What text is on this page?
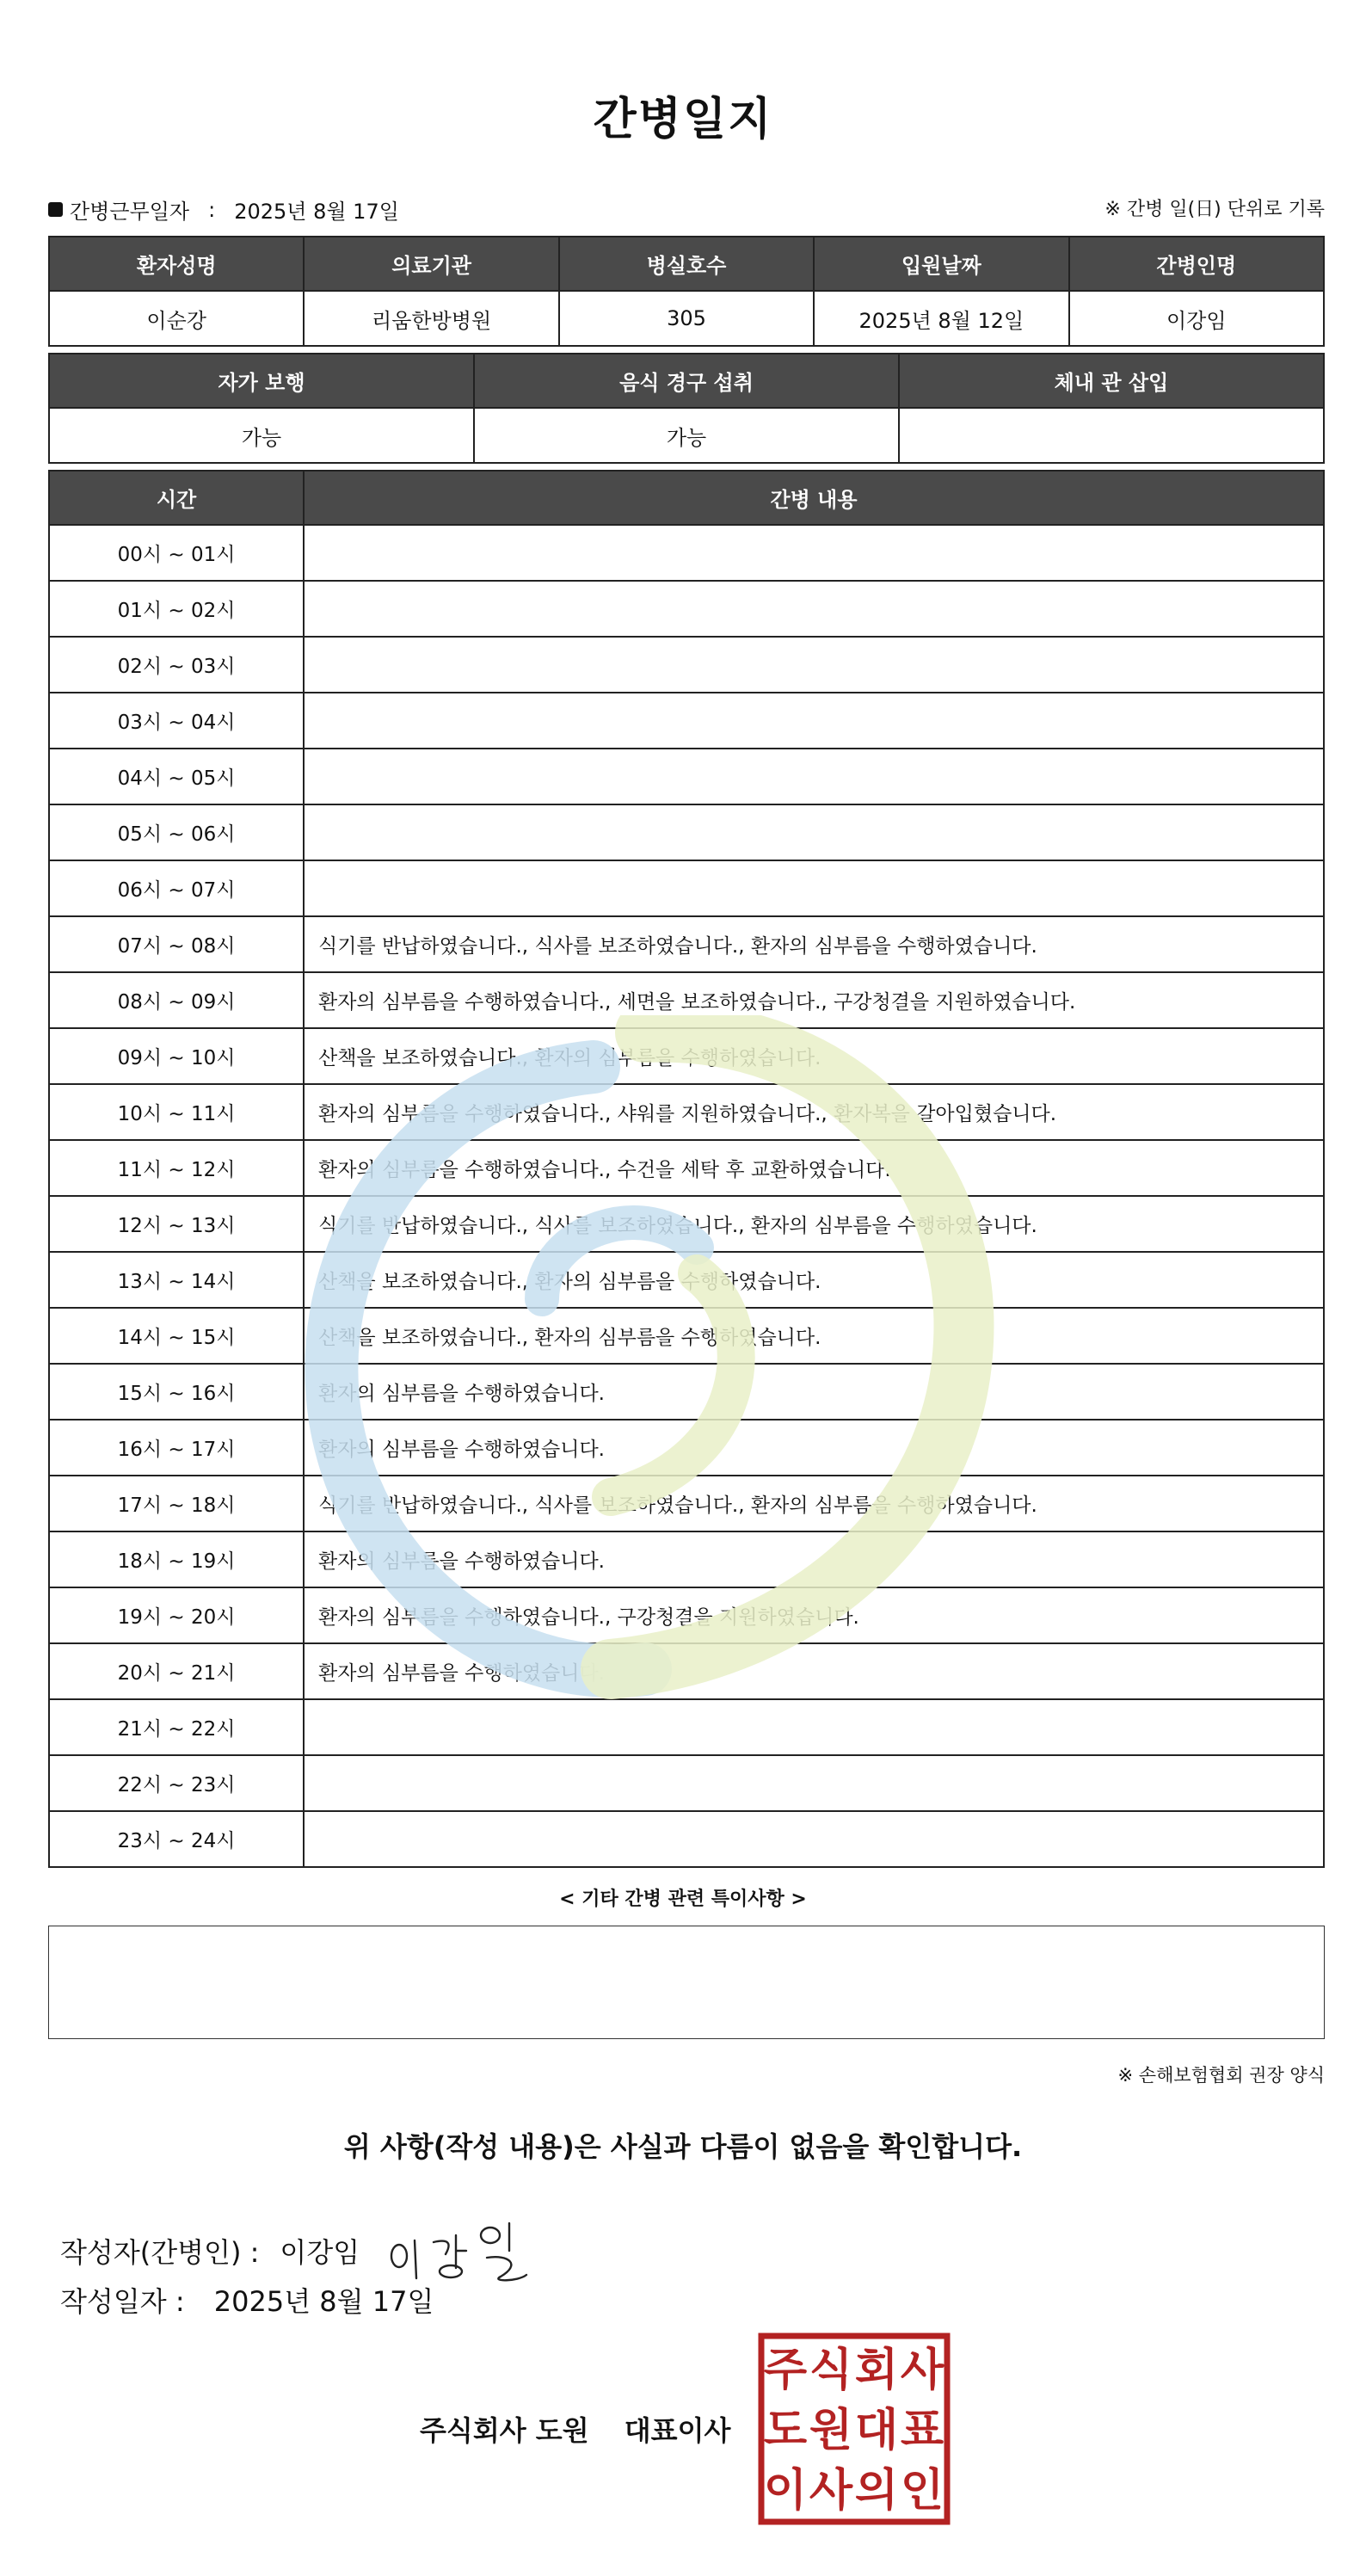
간병일지
간병근무일자 : 2025년 8월 17일	※ 간병 일(日) 단위로 기록
환자성명	의료기관	병실호수	입원날짜	간병인명
이순강	리움한방병원	305	2025년 8월 12일	이강임
자가 보행	음식 경구 섭취	체내 관 삽입
가능	가능	
시간	간병 내용
00시 ~ 01시	
01시 ~ 02시	
02시 ~ 03시	
03시 ~ 04시	
04시 ~ 05시	
05시 ~ 06시	
06시 ~ 07시	
07시 ~ 08시	식기를 반납하였습니다., 식사를 보조하였습니다., 환자의 심부름을 수행하였습니다.
08시 ~ 09시	환자의 심부름을 수행하였습니다., 세면을 보조하였습니다., 구강청결을 지원하였습니다.
09시 ~ 10시	산책을 보조하였습니다., 환자의 심부름을 수행하였습니다.
10시 ~ 11시	환자의 심부름을 수행하였습니다., 샤워를 지원하였습니다., 환자복을 갈아입혔습니다.
11시 ~ 12시	환자의 심부름을 수행하였습니다., 수건을 세탁 후 교환하였습니다.
12시 ~ 13시	식기를 반납하였습니다., 식사를 보조하였습니다., 환자의 심부름을 수행하였습니다.
13시 ~ 14시	산책을 보조하였습니다., 환자의 심부름을 수행하였습니다.
14시 ~ 15시	산책을 보조하였습니다., 환자의 심부름을 수행하였습니다.
15시 ~ 16시	환자의 심부름을 수행하였습니다.
16시 ~ 17시	환자의 심부름을 수행하였습니다.
17시 ~ 18시	식기를 반납하였습니다., 식사를 보조하였습니다., 환자의 심부름을 수행하였습니다.
18시 ~ 19시	환자의 심부름을 수행하였습니다.
19시 ~ 20시	환자의 심부름을 수행하였습니다., 구강청결을 지원하였습니다.
20시 ~ 21시	환자의 심부름을 수행하였습니다.
21시 ~ 22시	
22시 ~ 23시	
23시 ~ 24시	
< 기타 간병 관련 특이사항 >
※ 손해보험협회 권장 양식
위 사항(작성 내용)은 사실과 다름이 없음을 확인합니다.
작성자(간병인) : 이강임
작성일자 : 2025년 8월 17일
주식회사 도원 대표이사
주 식 회 사
도 원 대 표
이 사 의 인
